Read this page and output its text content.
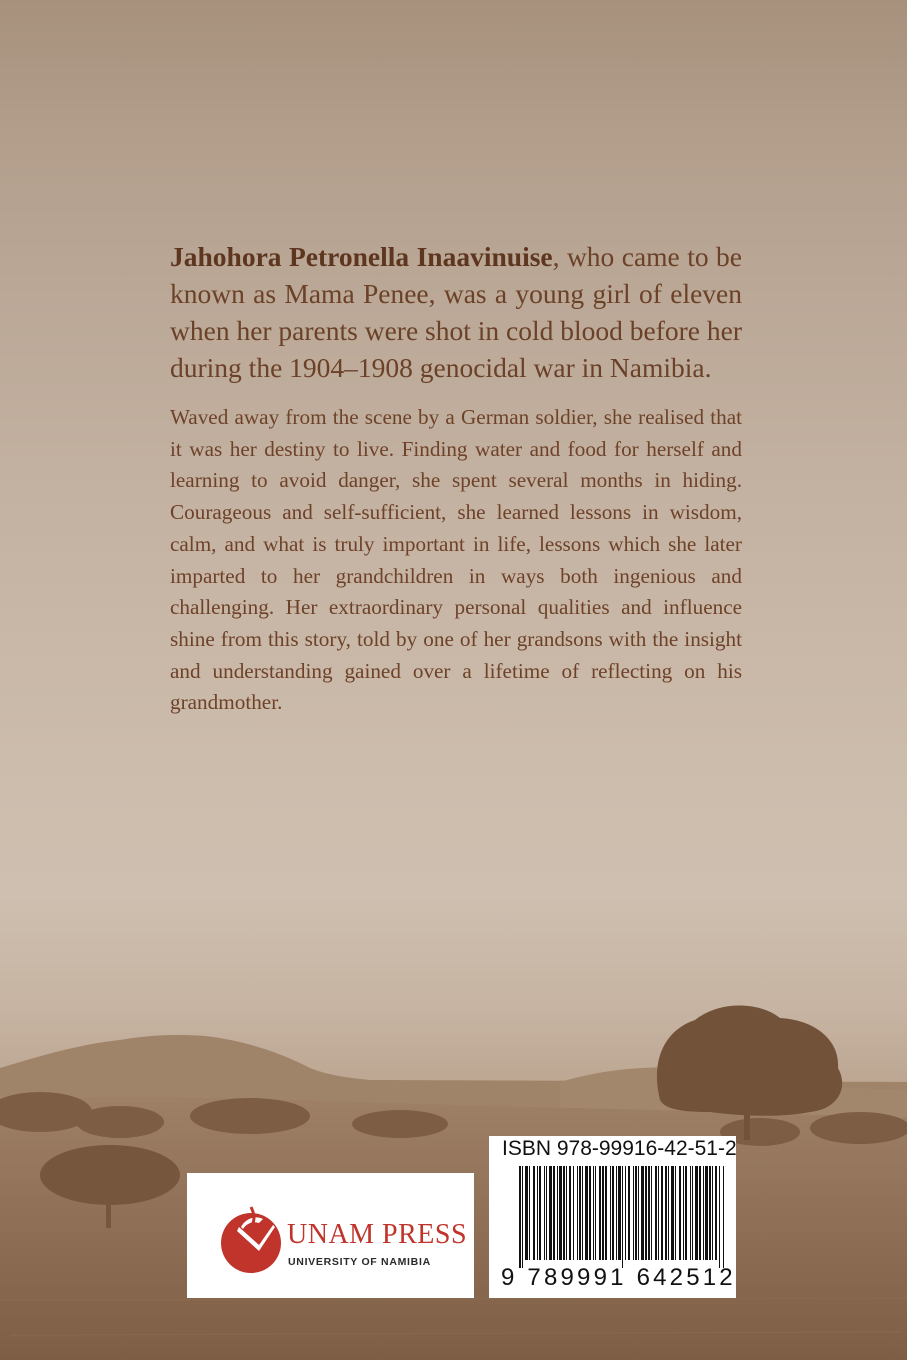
Jahohora Petronella Inaavinuise, who came to be known as Mama Penee, was a young girl of eleven when her parents were shot in cold blood before her during the 1904–1908 genocidal war in Namibia.

Waved away from the scene by a German soldier, she realised that it was her destiny to live. Finding water and food for herself and learning to avoid danger, she spent several months in hiding. Courageous and self-sufficient, she learned lessons in wisdom, calm, and what is truly important in life, lessons which she later imparted to her grandchildren in ways both ingenious and challenging. Her extraordinary personal qualities and influence shine from this story, told by one of her grandsons with the insight and understanding gained over a lifetime of reflecting on his grandmother.

UNAM PRESS
UNIVERSITY OF NAMIBIA
ISBN 978-99916-42-51-2
9 789991 642512
